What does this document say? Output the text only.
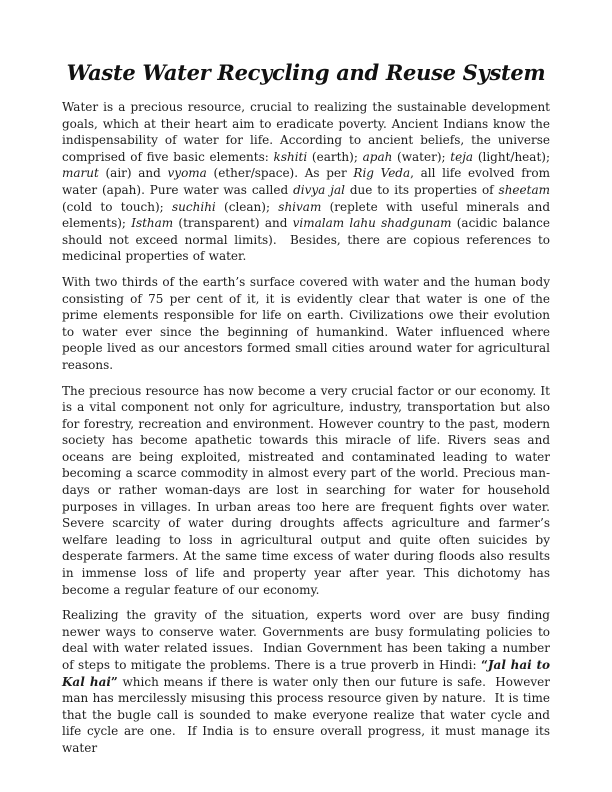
Waste Water Recycling and Reuse System

Water is a precious resource, crucial to realizing the sustainable development goals, which at their heart aim to eradicate poverty. Ancient Indians know the indispensability of water for life. According to ancient beliefs, the universe comprised of five basic elements: kshiti (earth); apah (water); teja (light/heat); marut (air) and vyoma (ether/space). As per Rig Veda, all life evolved from water (apah). Pure water was called divya jal due to its properties of sheetam (cold to touch); suchihi (clean); shivam (replete with useful minerals and elements); Istham (transparent) and vimalam lahu shadgunam (acidic balance should not exceed normal limits).  Besides, there are copious references to medicinal properties of water.

With two thirds of the earth’s surface covered with water and the human body consisting of 75 per cent of it, it is evidently clear that water is one of the prime elements responsible for life on earth. Civilizations owe their evolution to water ever since the beginning of humankind. Water influenced where people lived as our ancestors formed small cities around water for agricultural reasons.

The precious resource has now become a very crucial factor or our economy. It is a vital component not only for agriculture, industry, transportation but also for forestry, recreation and environment. However country to the past, modern society has become apathetic towards this miracle of life. Rivers seas and oceans are being exploited, mistreated and contaminated leading to water becoming a scarce commodity in almost every part of the world. Precious man-days or rather woman-days are lost in searching for water for household purposes in villages. In urban areas too here are frequent fights over water. Severe scarcity of water during droughts affects agriculture and farmer’s welfare leading to loss in agricultural output and quite often suicides by desperate farmers. At the same time excess of water during floods also results in immense loss of life and property year after year. This dichotomy has become a regular feature of our economy.

Realizing the gravity of the situation, experts word over are busy finding newer ways to conserve water. Governments are busy formulating policies to deal with water related issues.  Indian Government has been taking a number of steps to mitigate the problems. There is a true proverb in Hindi: “Jal hai to Kal hai” which means if there is water only then our future is safe.  However man has mercilessly misusing this process resource given by nature.  It is time that the bugle call is sounded to make everyone realize that water cycle and life cycle are one.  If India is to ensure overall progress, it must manage its water
